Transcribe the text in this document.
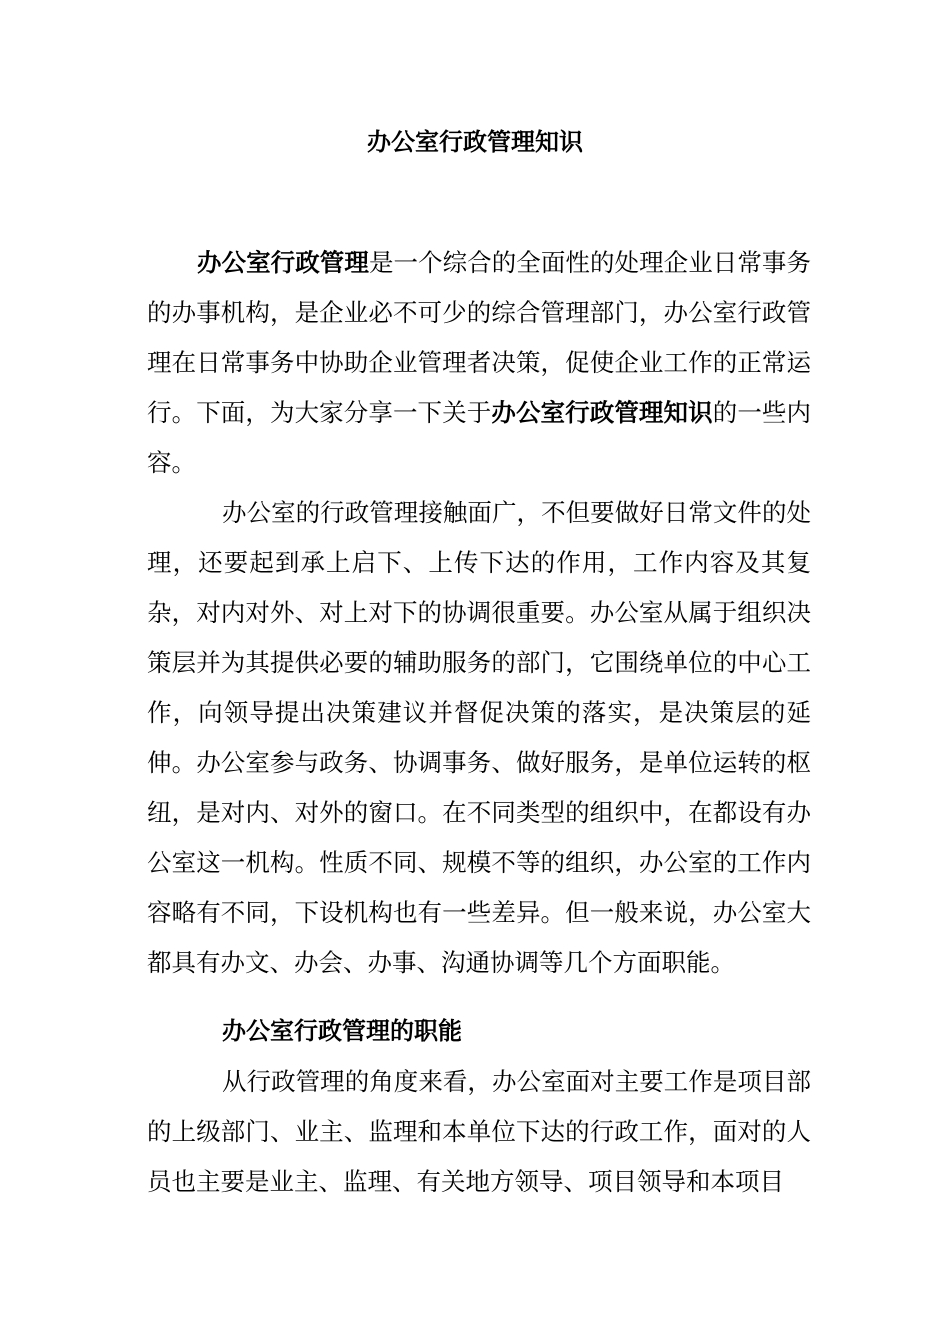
办公室行政管理知识

办公室行政管理是一个综合的全面性的处理企业日常事务的办事机构，是企业必不可少的综合管理部门，办公室行政管理在日常事务中协助企业管理者决策，促使企业工作的正常运行。下面，为大家分享一下关于办公室行政管理知识的一些内容。

办公室的行政管理接触面广，不但要做好日常文件的处理，还要起到承上启下、上传下达的作用，工作内容及其复杂，对内对外、对上对下的协调很重要。办公室从属于组织决策层并为其提供必要的辅助服务的部门，它围绕单位的中心工作，向领导提出决策建议并督促决策的落实，是决策层的延伸。办公室参与政务、协调事务、做好服务，是单位运转的枢纽，是对内、对外的窗口。在不同类型的组织中，在都设有办公室这一机构。性质不同、规模不等的组织，办公室的工作内容略有不同，下设机构也有一些差异。但一般来说，办公室大都具有办文、办会、办事、沟通协调等几个方面职能。

办公室行政管理的职能

从行政管理的角度来看，办公室面对主要工作是项目部的上级部门、业主、监理和本单位下达的行政工作，面对的人员也主要是业主、监理、有关地方领导、项目领导和本项目
